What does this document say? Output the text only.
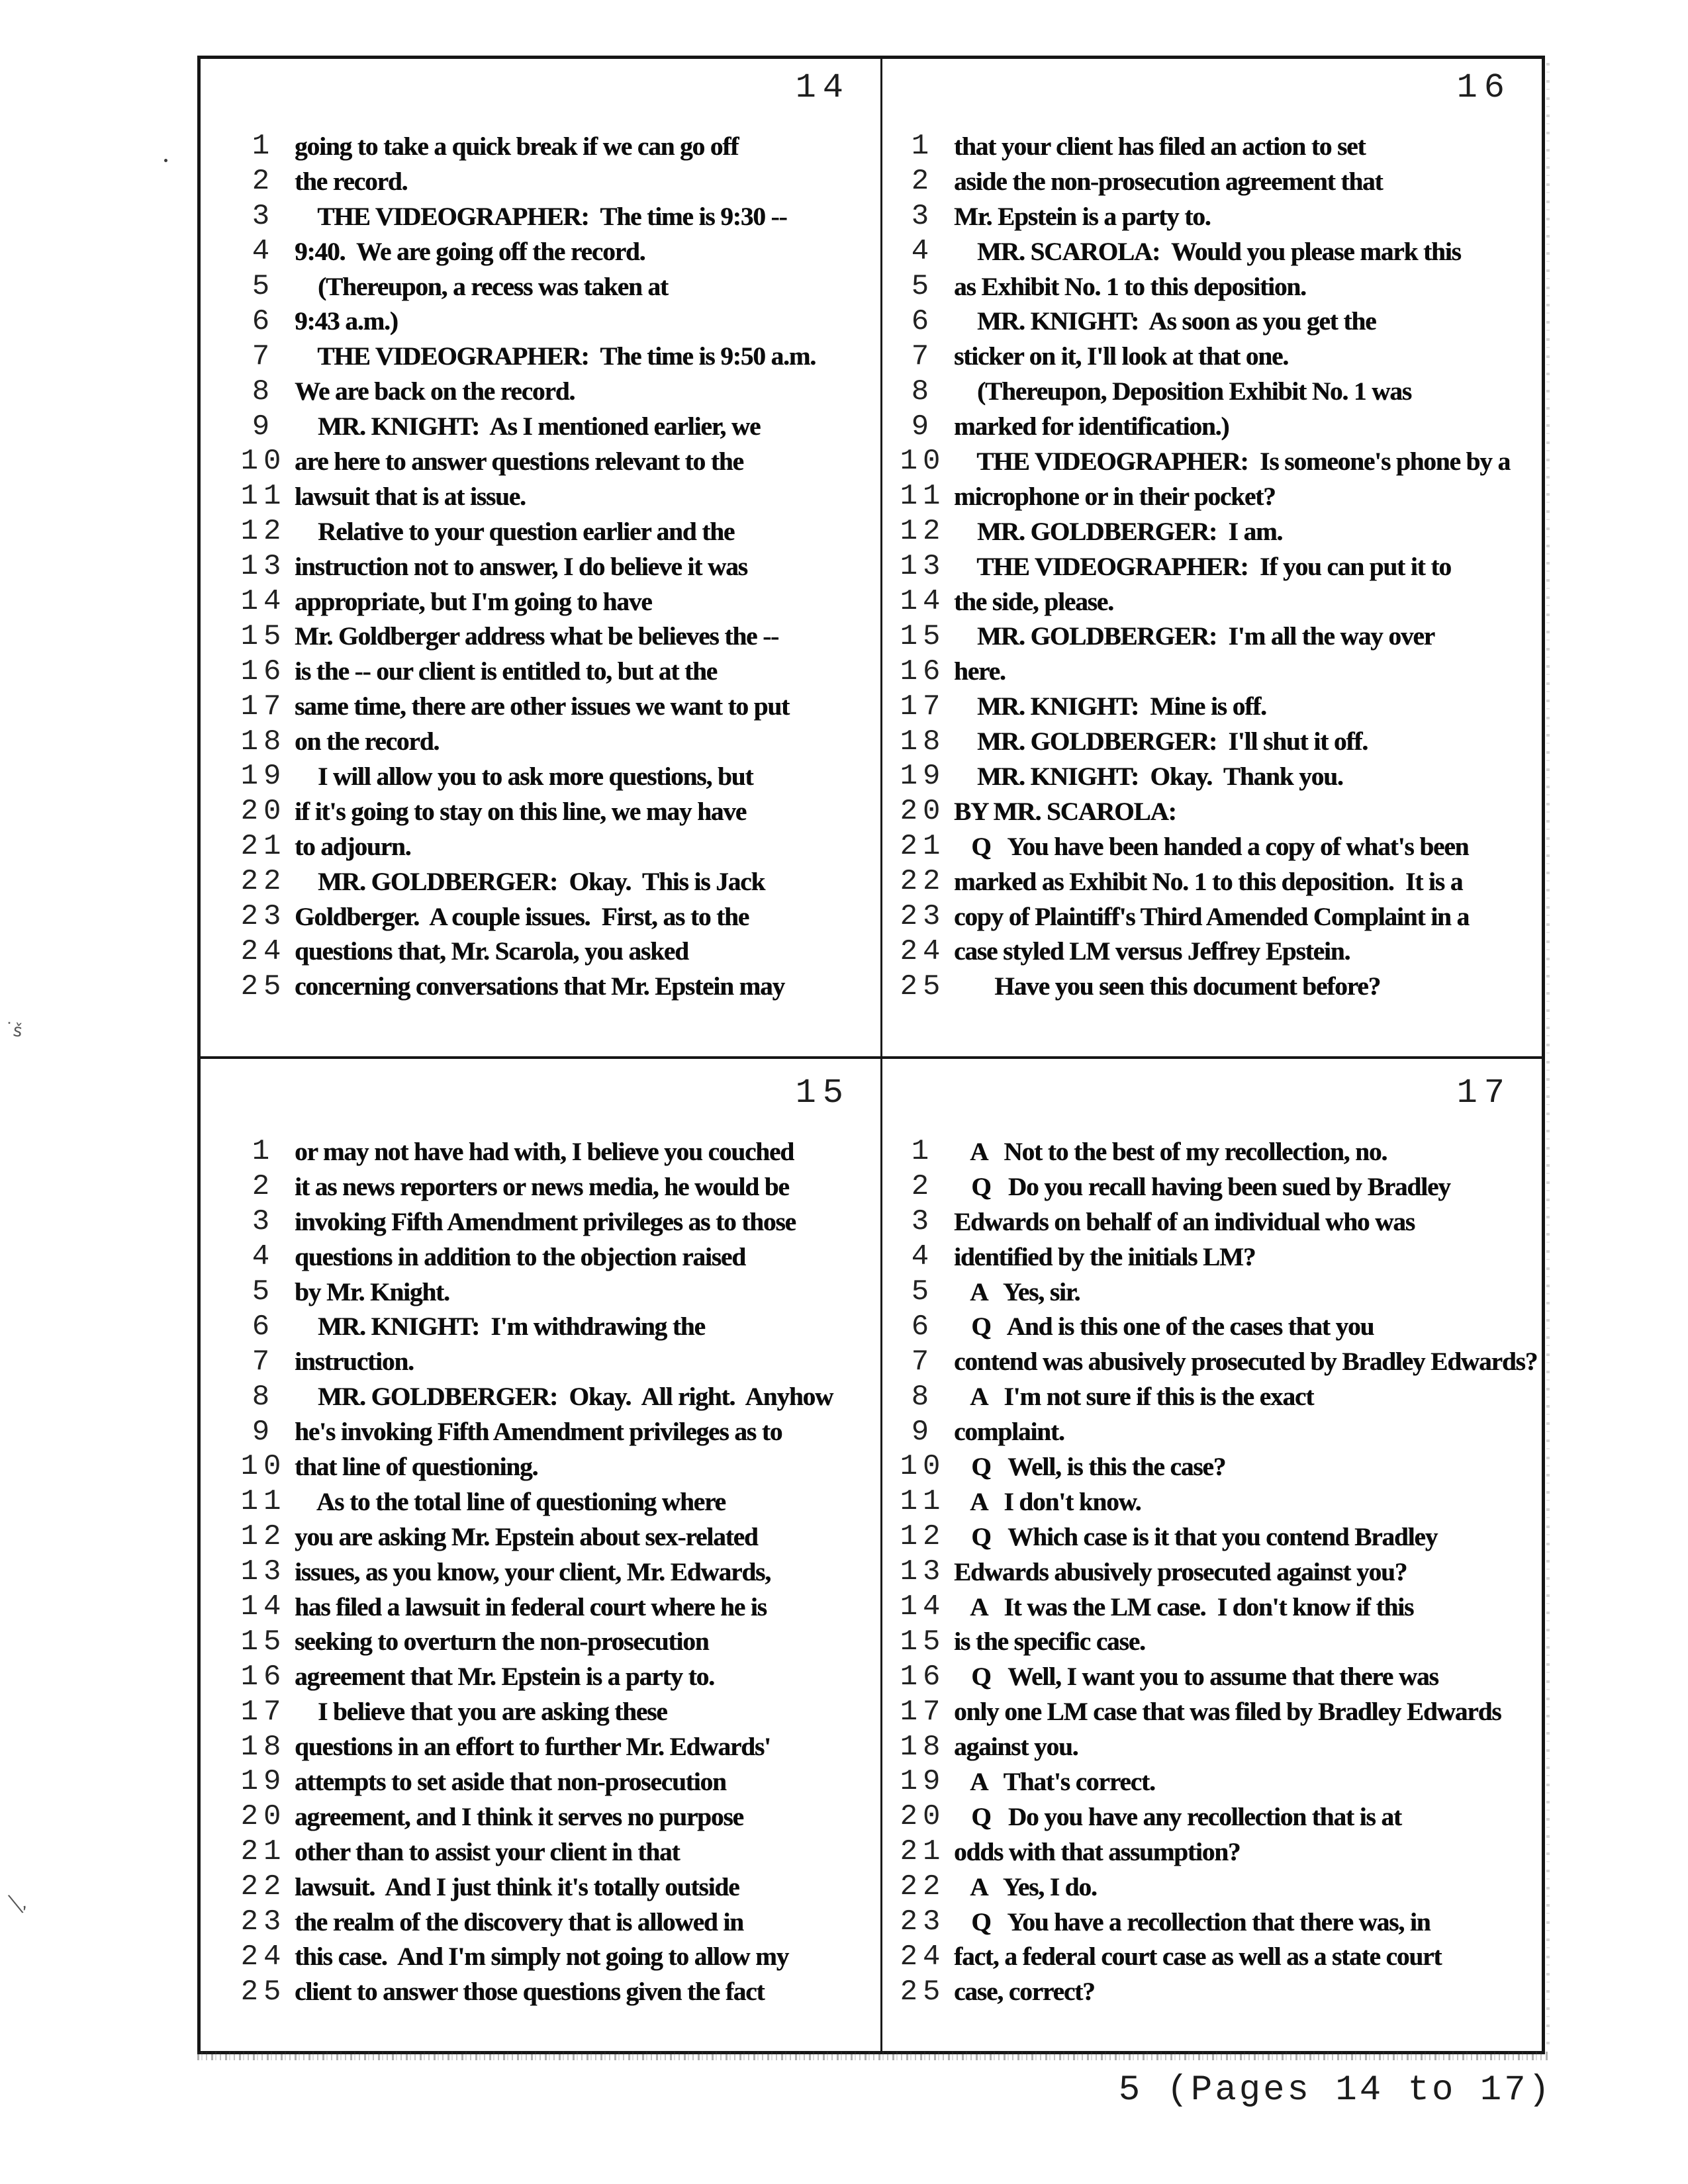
14
1 going to take a quick break if we can go off
2 the record.
3 THE VIDEOGRAPHER:  The time is 9:30 --
4 9:40.  We are going off the record.
5 (Thereupon, a recess was taken at
6 9:43 a.m.)
7 THE VIDEOGRAPHER:  The time is 9:50 a.m.
8 We are back on the record.
9 MR. KNIGHT:  As I mentioned earlier, we
10 are here to answer questions relevant to the
11 lawsuit that is at issue.
12 Relative to your question earlier and the
13 instruction not to answer, I do believe it was
14 appropriate, but I'm going to have
15 Mr. Goldberger address what be believes the --
16 is the -- our client is entitled to, but at the
17 same time, there are other issues we want to put
18 on the record.
19 I will allow you to ask more questions, but
20 if it's going to stay on this line, we may have
21 to adjourn.
22 MR. GOLDBERGER:  Okay.  This is Jack
23 Goldberger.  A couple issues.  First, as to the
24 questions that, Mr. Scarola, you asked
25 concerning conversations that Mr. Epstein may
16
1 that your client has filed an action to set
2 aside the non-prosecution agreement that
3 Mr. Epstein is a party to.
4 MR. SCAROLA:  Would you please mark this
5 as Exhibit No. 1 to this deposition.
6 MR. KNIGHT:  As soon as you get the
7 sticker on it, I'll look at that one.
8 (Thereupon, Deposition Exhibit No. 1 was
9 marked for identification.)
10 THE VIDEOGRAPHER:  Is someone's phone by a
11 microphone or in their pocket?
12 MR. GOLDBERGER:  I am.
13 THE VIDEOGRAPHER:  If you can put it to
14 the side, please.
15 MR. GOLDBERGER:  I'm all the way over
16 here.
17 MR. KNIGHT:  Mine is off.
18 MR. GOLDBERGER:  I'll shut it off.
19 MR. KNIGHT:  Okay.  Thank you.
20 BY MR. SCAROLA:
21 Q   You have been handed a copy of what's been
22 marked as Exhibit No. 1 to this deposition.  It is a
23 copy of Plaintiff's Third Amended Complaint in a
24 case styled LM versus Jeffrey Epstein.
25 Have you seen this document before?
15
1 or may not have had with, I believe you couched
2 it as news reporters or news media, he would be
3 invoking Fifth Amendment privileges as to those
4 questions in addition to the objection raised
5 by Mr. Knight.
6 MR. KNIGHT:  I'm withdrawing the
7 instruction.
8 MR. GOLDBERGER:  Okay.  All right.  Anyhow
9 he's invoking Fifth Amendment privileges as to
10 that line of questioning.
11 As to the total line of questioning where
12 you are asking Mr. Epstein about sex-related
13 issues, as you know, your client, Mr. Edwards,
14 has filed a lawsuit in federal court where he is
15 seeking to overturn the non-prosecution
16 agreement that Mr. Epstein is a party to.
17 I believe that you are asking these
18 questions in an effort to further Mr. Edwards'
19 attempts to set aside that non-prosecution
20 agreement, and I think it serves no purpose
21 other than to assist your client in that
22 lawsuit.  And I just think it's totally outside
23 the realm of the discovery that is allowed in
24 this case.  And I'm simply not going to allow my
25 client to answer those questions given the fact
17
1 A   Not to the best of my recollection, no.
2 Q   Do you recall having been sued by Bradley
3 Edwards on behalf of an individual who was
4 identified by the initials LM?
5 A   Yes, sir.
6 Q   And is this one of the cases that you
7 contend was abusively prosecuted by Bradley Edwards?
8 A   I'm not sure if this is the exact
9 complaint.
10 Q   Well, is this the case?
11 A   I don't know.
12 Q   Which case is it that you contend Bradley
13 Edwards abusively prosecuted against you?
14 A   It was the LM case.  I don't know if this
15 is the specific case.
16 Q   Well, I want you to assume that there was
17 only one LM case that was filed by Bradley Edwards
18 against you.
19 A   That's correct.
20 Q   Do you have any recollection that is at
21 odds with that assumption?
22 A   Yes, I do.
23 Q   You have a recollection that there was, in
24 fact, a federal court case as well as a state court
25 case, correct?
5 (Pages 14 to 17)
˙š
╲,
